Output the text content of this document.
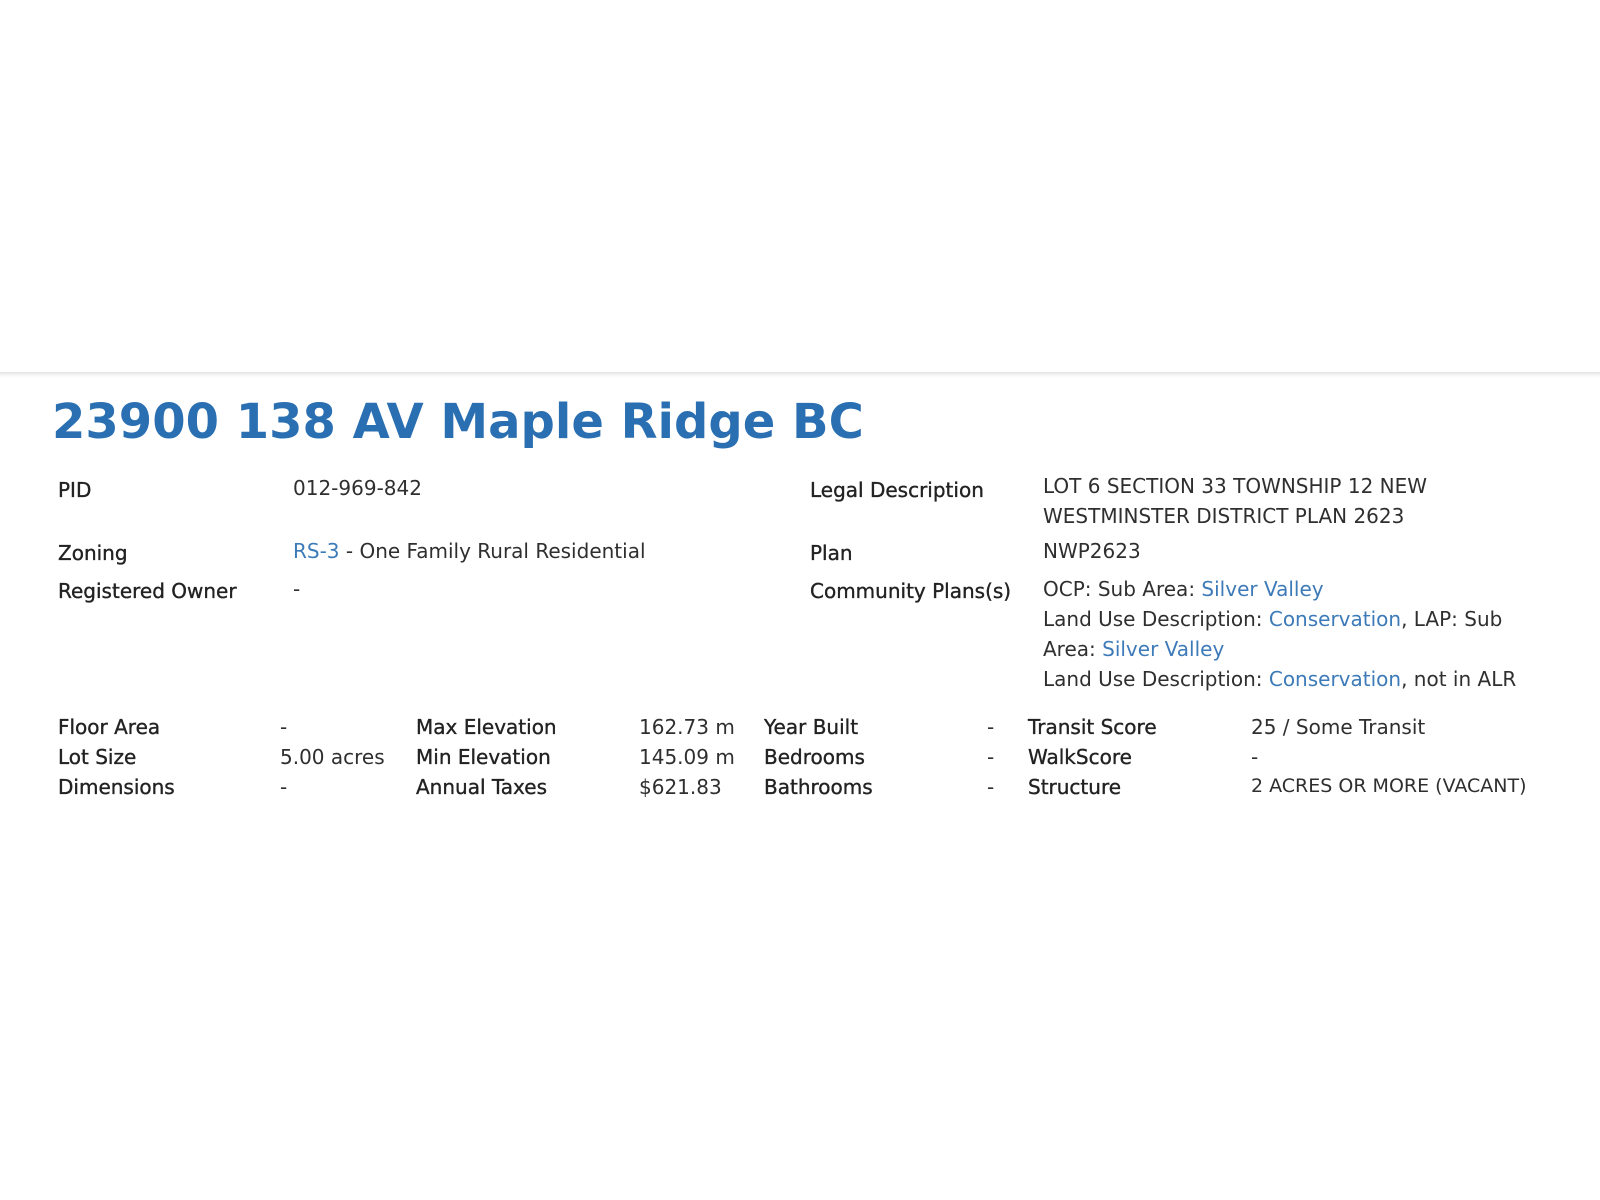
23900 138 AV Maple Ridge BC
PID	012-969-842
Zoning	RS-3 - One Family Rural Residential
Registered Owner	-
Legal Description	LOT 6 SECTION 33 TOWNSHIP 12 NEW
WESTMINSTER DISTRICT PLAN 2623
Plan	NWP2623
Community Plans(s) OCP: Sub Area: Silver Valley
Land Use Description: Conservation, LAP: Sub
Area: Silver Valley
Land Use Description: Conservation, not in ALR
Floor Area	-
Lot Size	5.00 acres
Dimensions	-
Max Elevation	162.73 m
Min Elevation	145.09 m
Annual Taxes	$621.83
Year Built	-
Bedrooms	-
Bathrooms	-
Transit Score	25 / Some Transit
WalkScore	-
Structure	2 ACRES OR MORE (VACANT)
